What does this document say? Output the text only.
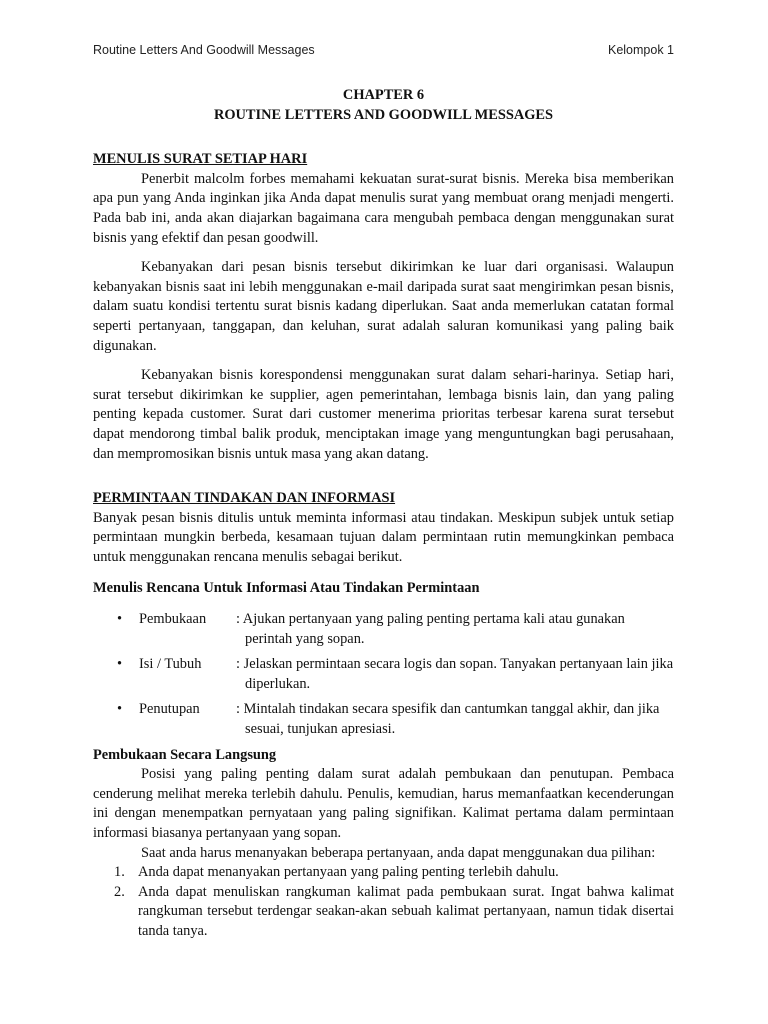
Routine Letters And Goodwill Messages	Kelompok 1

CHAPTER 6

ROUTINE LETTERS AND GOODWILL MESSAGES

MENULIS SURAT SETIAP HARI

Penerbit malcolm forbes memahami kekuatan surat-surat bisnis. Mereka bisa memberikan apa pun yang Anda inginkan jika Anda dapat menulis surat yang membuat orang menjadi mengerti. Pada bab ini, anda akan diajarkan bagaimana cara mengubah pembaca dengan menggunakan surat bisnis yang efektif dan pesan goodwill.

Kebanyakan dari pesan bisnis tersebut dikirimkan ke luar dari organisasi. Walaupun kebanyakan bisnis saat ini lebih menggunakan e-mail daripada surat saat mengirimkan pesan bisnis, dalam suatu kondisi tertentu surat bisnis kadang diperlukan. Saat anda memerlukan catatan formal seperti pertanyaan, tanggapan, dan keluhan, surat adalah saluran komunikasi yang paling baik digunakan.

Kebanyakan bisnis korespondensi menggunakan surat dalam sehari-harinya. Setiap hari, surat tersebut dikirimkan ke supplier, agen pemerintahan, lembaga bisnis lain, dan yang paling penting kepada customer. Surat dari customer menerima prioritas terbesar karena surat tersebut dapat mendorong timbal balik produk, menciptakan image yang menguntungkan bagi perusahaan, dan mempromosikan bisnis untuk masa yang akan datang.

PERMINTAAN TINDAKAN DAN INFORMASI

Banyak pesan bisnis ditulis untuk meminta informasi atau tindakan. Meskipun subjek untuk setiap permintaan mungkin berbeda, kesamaan tujuan dalam permintaan rutin memungkinkan pembaca untuk menggunakan rencana menulis sebagai berikut.

Menulis Rencana Untuk Informasi Atau Tindakan Permintaan

•	Pembukaan	: Ajukan pertanyaan yang paling penting pertama kali atau gunakan perintah yang sopan.
•	Isi / Tubuh	: Jelaskan permintaan secara logis dan sopan. Tanyakan pertanyaan lain jika diperlukan.
•	Penutupan	: Mintalah tindakan secara spesifik dan cantumkan tanggal akhir, dan jika sesuai, tunjukan apresiasi.

Pembukaan Secara Langsung

Posisi yang paling penting dalam surat adalah pembukaan dan penutupan. Pembaca cenderung melihat mereka terlebih dahulu. Penulis, kemudian, harus memanfaatkan kecenderungan ini dengan menempatkan pernyataan yang paling signifikan. Kalimat pertama dalam permintaan informasi biasanya pertanyaan yang sopan.

Saat anda harus menanyakan beberapa pertanyaan, anda dapat menggunakan dua pilihan:

1. Anda dapat menanyakan pertanyaan yang paling penting terlebih dahulu.
2. Anda dapat menuliskan rangkuman kalimat pada pembukaan surat. Ingat bahwa kalimat rangkuman tersebut terdengar seakan-akan sebuah kalimat pertanyaan, namun tidak disertai tanda tanya.
